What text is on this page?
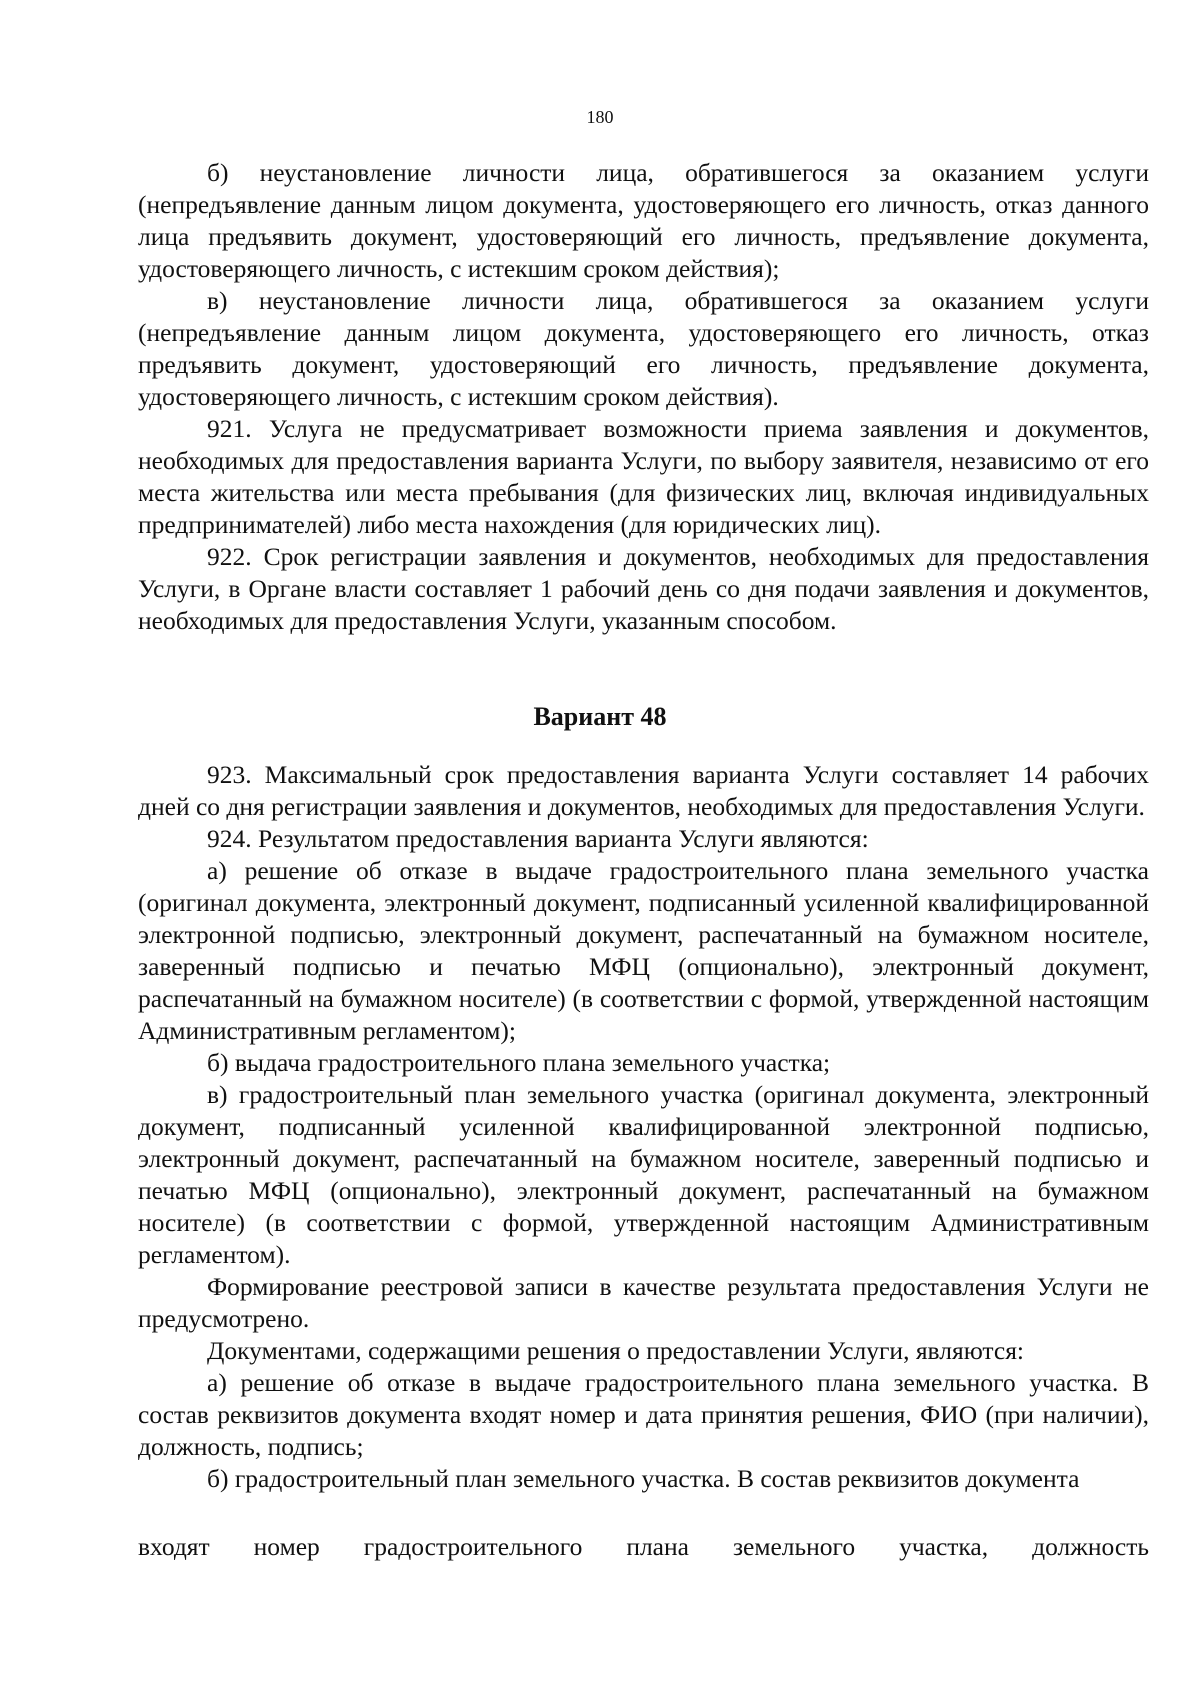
180

б) неустановление личности лица, обратившегося за оказанием услуги (непредъявление данным лицом документа, удостоверяющего его личность, отказ данного лица предъявить документ, удостоверяющий его личность, предъявление документа, удостоверяющего личность, с истекшим сроком действия);

в) неустановление личности лица, обратившегося за оказанием услуги (непредъявление данным лицом документа, удостоверяющего его личность, отказ предъявить документ, удостоверяющий его личность, предъявление документа, удостоверяющего личность, с истекшим сроком действия).

921. Услуга не предусматривает возможности приема заявления и документов, необходимых для предоставления варианта Услуги, по выбору заявителя, независимо от его места жительства или места пребывания (для физических лиц, включая индивидуальных предпринимателей) либо места нахождения (для юридических лиц).

922. Срок регистрации заявления и документов, необходимых для предоставления Услуги, в Органе власти составляет 1 рабочий день со дня подачи заявления и документов, необходимых для предоставления Услуги, указанным способом.

Вариант 48

923. Максимальный срок предоставления варианта Услуги составляет 14 рабочих дней со дня регистрации заявления и документов, необходимых для предоставления Услуги.

924. Результатом предоставления варианта Услуги являются:

а) решение об отказе в выдаче градостроительного плана земельного участка (оригинал документа, электронный документ, подписанный усиленной квалифицированной электронной подписью, электронный документ, распечатанный на бумажном носителе, заверенный подписью и печатью МФЦ (опционально), электронный документ, распечатанный на бумажном носителе) (в соответствии с формой, утвержденной настоящим Административным регламентом);

б) выдача градостроительного плана земельного участка;

в) градостроительный план земельного участка (оригинал документа, электронный документ, подписанный усиленной квалифицированной электронной подписью, электронный документ, распечатанный на бумажном носителе, заверенный подписью и печатью МФЦ (опционально), электронный документ, распечатанный на бумажном носителе) (в соответствии с формой, утвержденной настоящим Административным регламентом).

Формирование реестровой записи в качестве результата предоставления Услуги не предусмотрено.

Документами, содержащими решения о предоставлении Услуги, являются:

а) решение об отказе в выдаче градостроительного плана земельного участка. В состав реквизитов документа входят номер и дата принятия решения, ФИО (при наличии), должность, подпись;

б) градостроительный план земельного участка. В состав реквизитов документа

входят номер градостроительного плана земельного участка, должность
